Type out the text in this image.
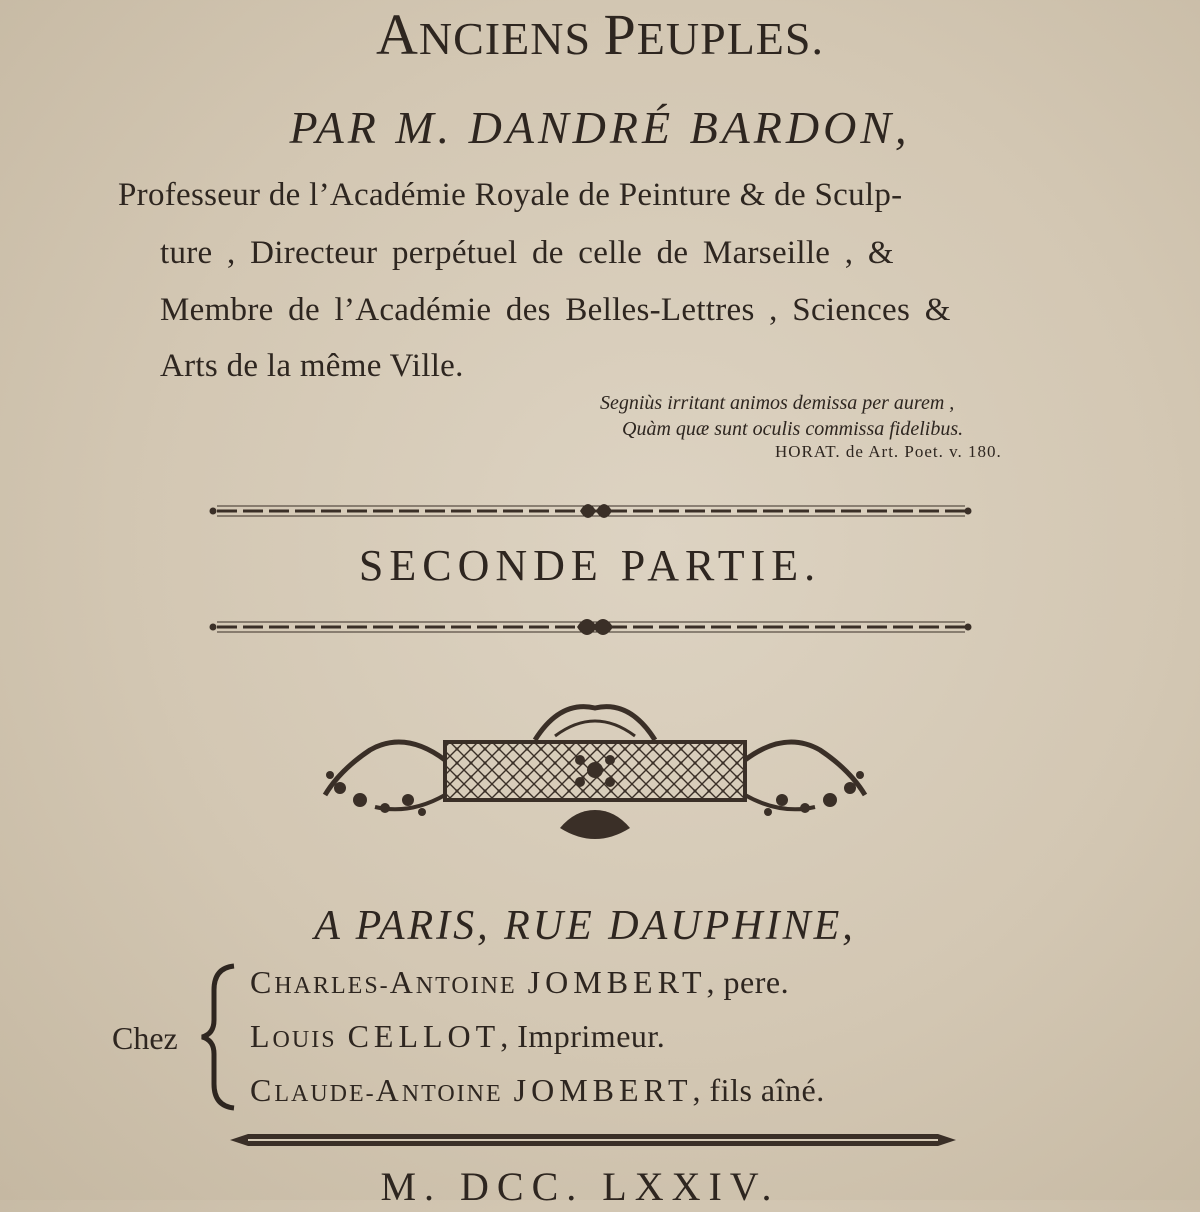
ANCIENS PEUPLES.
PAR M. DANDRÉ BARDON,
Professeur de l’Académie Royale de Peinture & de Sculp-
ture , Directeur perpétuel de celle de Marseille , &
Membre de l’Académie des Belles-Lettres , Sciences &
Arts de la même Ville.
Segniùs irritant animos demissa per aurem ,
Quàm quæ sunt oculis commissa fidelibus.
HORAT. de Art. Poet. v. 180.
SECONDE PARTIE.
A PARIS, RUE DAUPHINE,
Chez
CHARLES-ANTOINE JOMBERT, pere.
LOUIS CELLOT, Imprimeur.
CLAUDE-ANTOINE JOMBERT, fils aîné.
M. DCC. LXXIV.
